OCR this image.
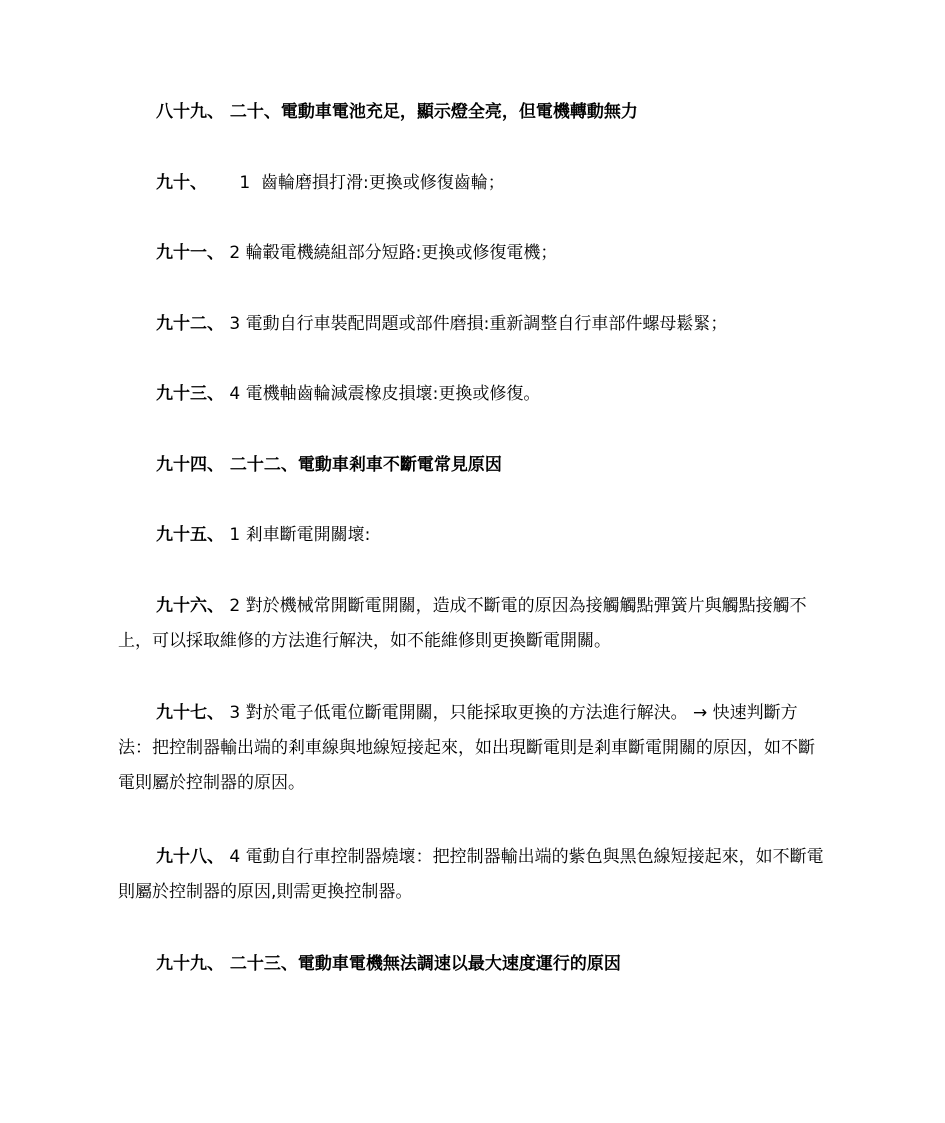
八十九、 二十、電動車電池充足，顯示燈全亮，但電機轉動無力

九十、      1  齒輪磨損打滑:更換或修復齒輪；

九十一、 2 輪轂電機繞組部分短路:更換或修復電機；

九十二、 3 電動自行車裝配問題或部件磨損:重新調整自行車部件螺母鬆緊；

九十三、 4 電機軸齒輪減震橡皮損壞:更換或修復。

九十四、 二十二、電動車剎車不斷電常見原因

九十五、 1 剎車斷電開關壞:

九十六、 2 對於機械常開斷電開關，造成不斷電的原因為接觸觸點彈簧片與觸點接觸不上，可以採取維修的方法進行解決，如不能維修則更換斷電開關。

九十七、 3 對於電子低電位斷電開關，只能採取更換的方法進行解決。 → 快速判斷方法：把控制器輸出端的剎車線與地線短接起來，如出現斷電則是剎車斷電開關的原因，如不斷電則屬於控制器的原因。

九十八、 4 電動自行車控制器燒壞：把控制器輸出端的紫色與黑色線短接起來，如不斷電則屬於控制器的原因,則需更換控制器。

九十九、 二十三、電動車電機無法調速以最大速度運行的原因
